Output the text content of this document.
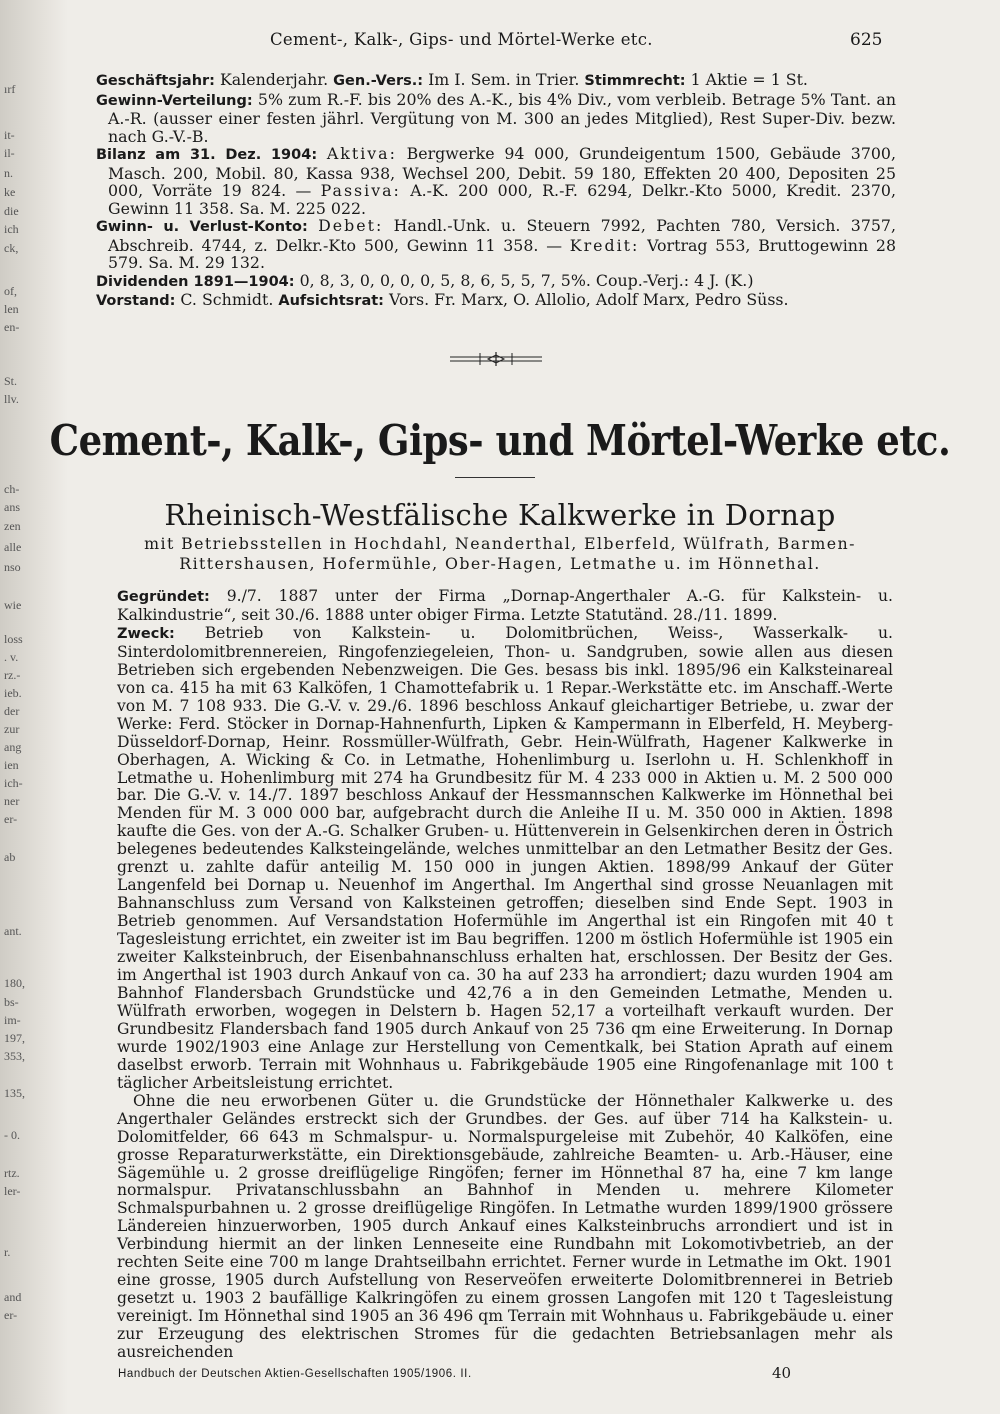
ırf
it-
il-
n.
ke
die
ich
ck,
of,
len
en-
St.
llv.
ch-
ans
zen
alle
nso
wie
loss
. v.
rz.-
ieb.
der
zur
ang
ien
ich-
ner
er-
ab
ant.
180,
bs-
im-
197,
353,
135,
- 0.
rtz.
ler-
r.
and
er-
Cement-, Kalk-, Gips- und Mörtel-Werke etc.	625

Geschäftsjahr: Kalenderjahr. Gen.-Vers.: Im I. Sem. in Trier. Stimmrecht: 1 Aktie = 1 St.

Gewinn-Verteilung: 5% zum R.-F. bis 20% des A.-K., bis 4% Div., vom verbleib. Betrage 5% Tant. an A.-R. (ausser einer festen jährl. Vergütung von M. 300 an jedes Mitglied), Rest Super-Div. bezw. nach G.-V.-B.

Bilanz am 31. Dez. 1904: Aktiva: Bergwerke 94 000, Grundeigentum 1500, Gebäude 3700, Masch. 200, Mobil. 80, Kassa 938, Wechsel 200, Debit. 59 180, Effekten 20 400, Depositen 25 000, Vorräte 19 824. — Passiva: A.-K. 200 000, R.-F. 6294, Delkr.-Kto 5000, Kredit. 2370, Gewinn 11 358. Sa. M. 225 022.

Gwinn- u. Verlust-Konto: Debet: Handl.-Unk. u. Steuern 7992, Pachten 780, Versich. 3757, Abschreib. 4744, z. Delkr.-Kto 500, Gewinn 11 358. — Kredit: Vortrag 553, Bruttogewinn 28 579. Sa. M. 29 132.

Dividenden 1891—1904: 0, 8, 3, 0, 0, 0, 0, 5, 8, 6, 5, 5, 7, 5%. Coup.-Verj.: 4 J. (K.)

Vorstand: C. Schmidt. Aufsichtsrat: Vors. Fr. Marx, O. Allolio, Adolf Marx, Pedro Süss.

Cement-, Kalk-, Gips- und Mörtel-Werke etc.
Rheinisch-Westfälische Kalkwerke in Dornap
mit Betriebsstellen in Hochdahl, Neanderthal, Elberfeld, Wülfrath, Barmen-Rittershausen, Hofermühle, Ober-Hagen, Letmathe u. im Hönnethal.

Gegründet: 9./7. 1887 unter der Firma „Dornap-Angerthaler A.-G. für Kalkstein- u. Kalkindustrie“, seit 30./6. 1888 unter obiger Firma. Letzte Statutänd. 28./11. 1899.

Zweck: Betrieb von Kalkstein- u. Dolomitbrüchen, Weiss-, Wasserkalk- u. Sinterdolomitbrennereien, Ringofenziegeleien, Thon- u. Sandgruben, sowie allen aus diesen Betrieben sich ergebenden Nebenzweigen. Die Ges. besass bis inkl. 1895/96 ein Kalksteinareal von ca. 415 ha mit 63 Kalköfen, 1 Chamottefabrik u. 1 Repar.-Werkstätte etc. im Anschaff.-Werte von M. 7 108 933. Die G.-V. v. 29./6. 1896 beschloss Ankauf gleichartiger Betriebe, u. zwar der Werke: Ferd. Stöcker in Dornap-Hahnenfurth, Lipken & Kampermann in Elberfeld, H. Meyberg-Düsseldorf-Dornap, Heinr. Rossmüller-Wülfrath, Gebr. Hein-Wülfrath, Hagener Kalkwerke in Oberhagen, A. Wicking & Co. in Letmathe, Hohenlimburg u. Iserlohn u. H. Schlenkhoff in Letmathe u. Hohenlimburg mit 274 ha Grundbesitz für M. 4 233 000 in Aktien u. M. 2 500 000 bar. Die G.-V. v. 14./7. 1897 beschloss Ankauf der Hessmannschen Kalkwerke im Hönnethal bei Menden für M. 3 000 000 bar, aufgebracht durch die Anleihe II u. M. 350 000 in Aktien. 1898 kaufte die Ges. von der A.-G. Schalker Gruben- u. Hüttenverein in Gelsenkirchen deren in Östrich belegenes bedeutendes Kalksteingelände, welches unmittelbar an den Letmather Besitz der Ges. grenzt u. zahlte dafür anteilig M. 150 000 in jungen Aktien. 1898/99 Ankauf der Güter Langenfeld bei Dornap u. Neuenhof im Angerthal. Im Angerthal sind grosse Neuanlagen mit Bahnanschluss zum Versand von Kalksteinen getroffen; dieselben sind Ende Sept. 1903 in Betrieb genommen. Auf Versandstation Hofermühle im Angerthal ist ein Ringofen mit 40 t Tagesleistung errichtet, ein zweiter ist im Bau begriffen. 1200 m östlich Hofermühle ist 1905 ein zweiter Kalksteinbruch, der Eisenbahnanschluss erhalten hat, erschlossen. Der Besitz der Ges. im Angerthal ist 1903 durch Ankauf von ca. 30 ha auf 233 ha arrondiert; dazu wurden 1904 am Bahnhof Flandersbach Grundstücke und 42,76 a in den Gemeinden Letmathe, Menden u. Wülfrath erworben, wogegen in Delstern b. Hagen 52,17 a vorteilhaft verkauft wurden. Der Grundbesitz Flandersbach fand 1905 durch Ankauf von 25 736 qm eine Erweiterung. In Dornap wurde 1902/1903 eine Anlage zur Herstellung von Cementkalk, bei Station Aprath auf einem daselbst erworb. Terrain mit Wohnhaus u. Fabrikgebäude 1905 eine Ringofenanlage mit 100 t täglicher Arbeitsleistung errichtet.

Ohne die neu erworbenen Güter u. die Grundstücke der Hönnethaler Kalkwerke u. des Angerthaler Geländes erstreckt sich der Grundbes. der Ges. auf über 714 ha Kalkstein- u. Dolomitfelder, 66 643 m Schmalspur- u. Normalspurgeleise mit Zubehör, 40 Kalköfen, eine grosse Reparaturwerkstätte, ein Direktionsgebäude, zahlreiche Beamten- u. Arb.-Häuser, eine Sägemühle u. 2 grosse dreiflügelige Ringöfen; ferner im Hönnethal 87 ha, eine 7 km lange normalspur. Privatanschlussbahn an Bahnhof in Menden u. mehrere Kilometer Schmalspurbahnen u. 2 grosse dreiflügelige Ringöfen. In Letmathe wurden 1899/1900 grössere Ländereien hinzuerworben, 1905 durch Ankauf eines Kalksteinbruchs arrondiert und ist in Verbindung hiermit an der linken Lenneseite eine Rundbahn mit Lokomotivbetrieb, an der rechten Seite eine 700 m lange Drahtseilbahn errichtet. Ferner wurde in Letmathe im Okt. 1901 eine grosse, 1905 durch Aufstellung von Reserveöfen erweiterte Dolomitbrennerei in Betrieb gesetzt u. 1903 2 baufällige Kalkringöfen zu einem grossen Langofen mit 120 t Tagesleistung vereinigt. Im Hönnethal sind 1905 an 36 496 qm Terrain mit Wohnhaus u. Fabrikgebäude u. einer zur Erzeugung des elektrischen Stromes für die gedachten Betriebsanlagen mehr als ausreichenden

Handbuch der Deutschen Aktien-Gesellschaften 1905/1906. II.	40
